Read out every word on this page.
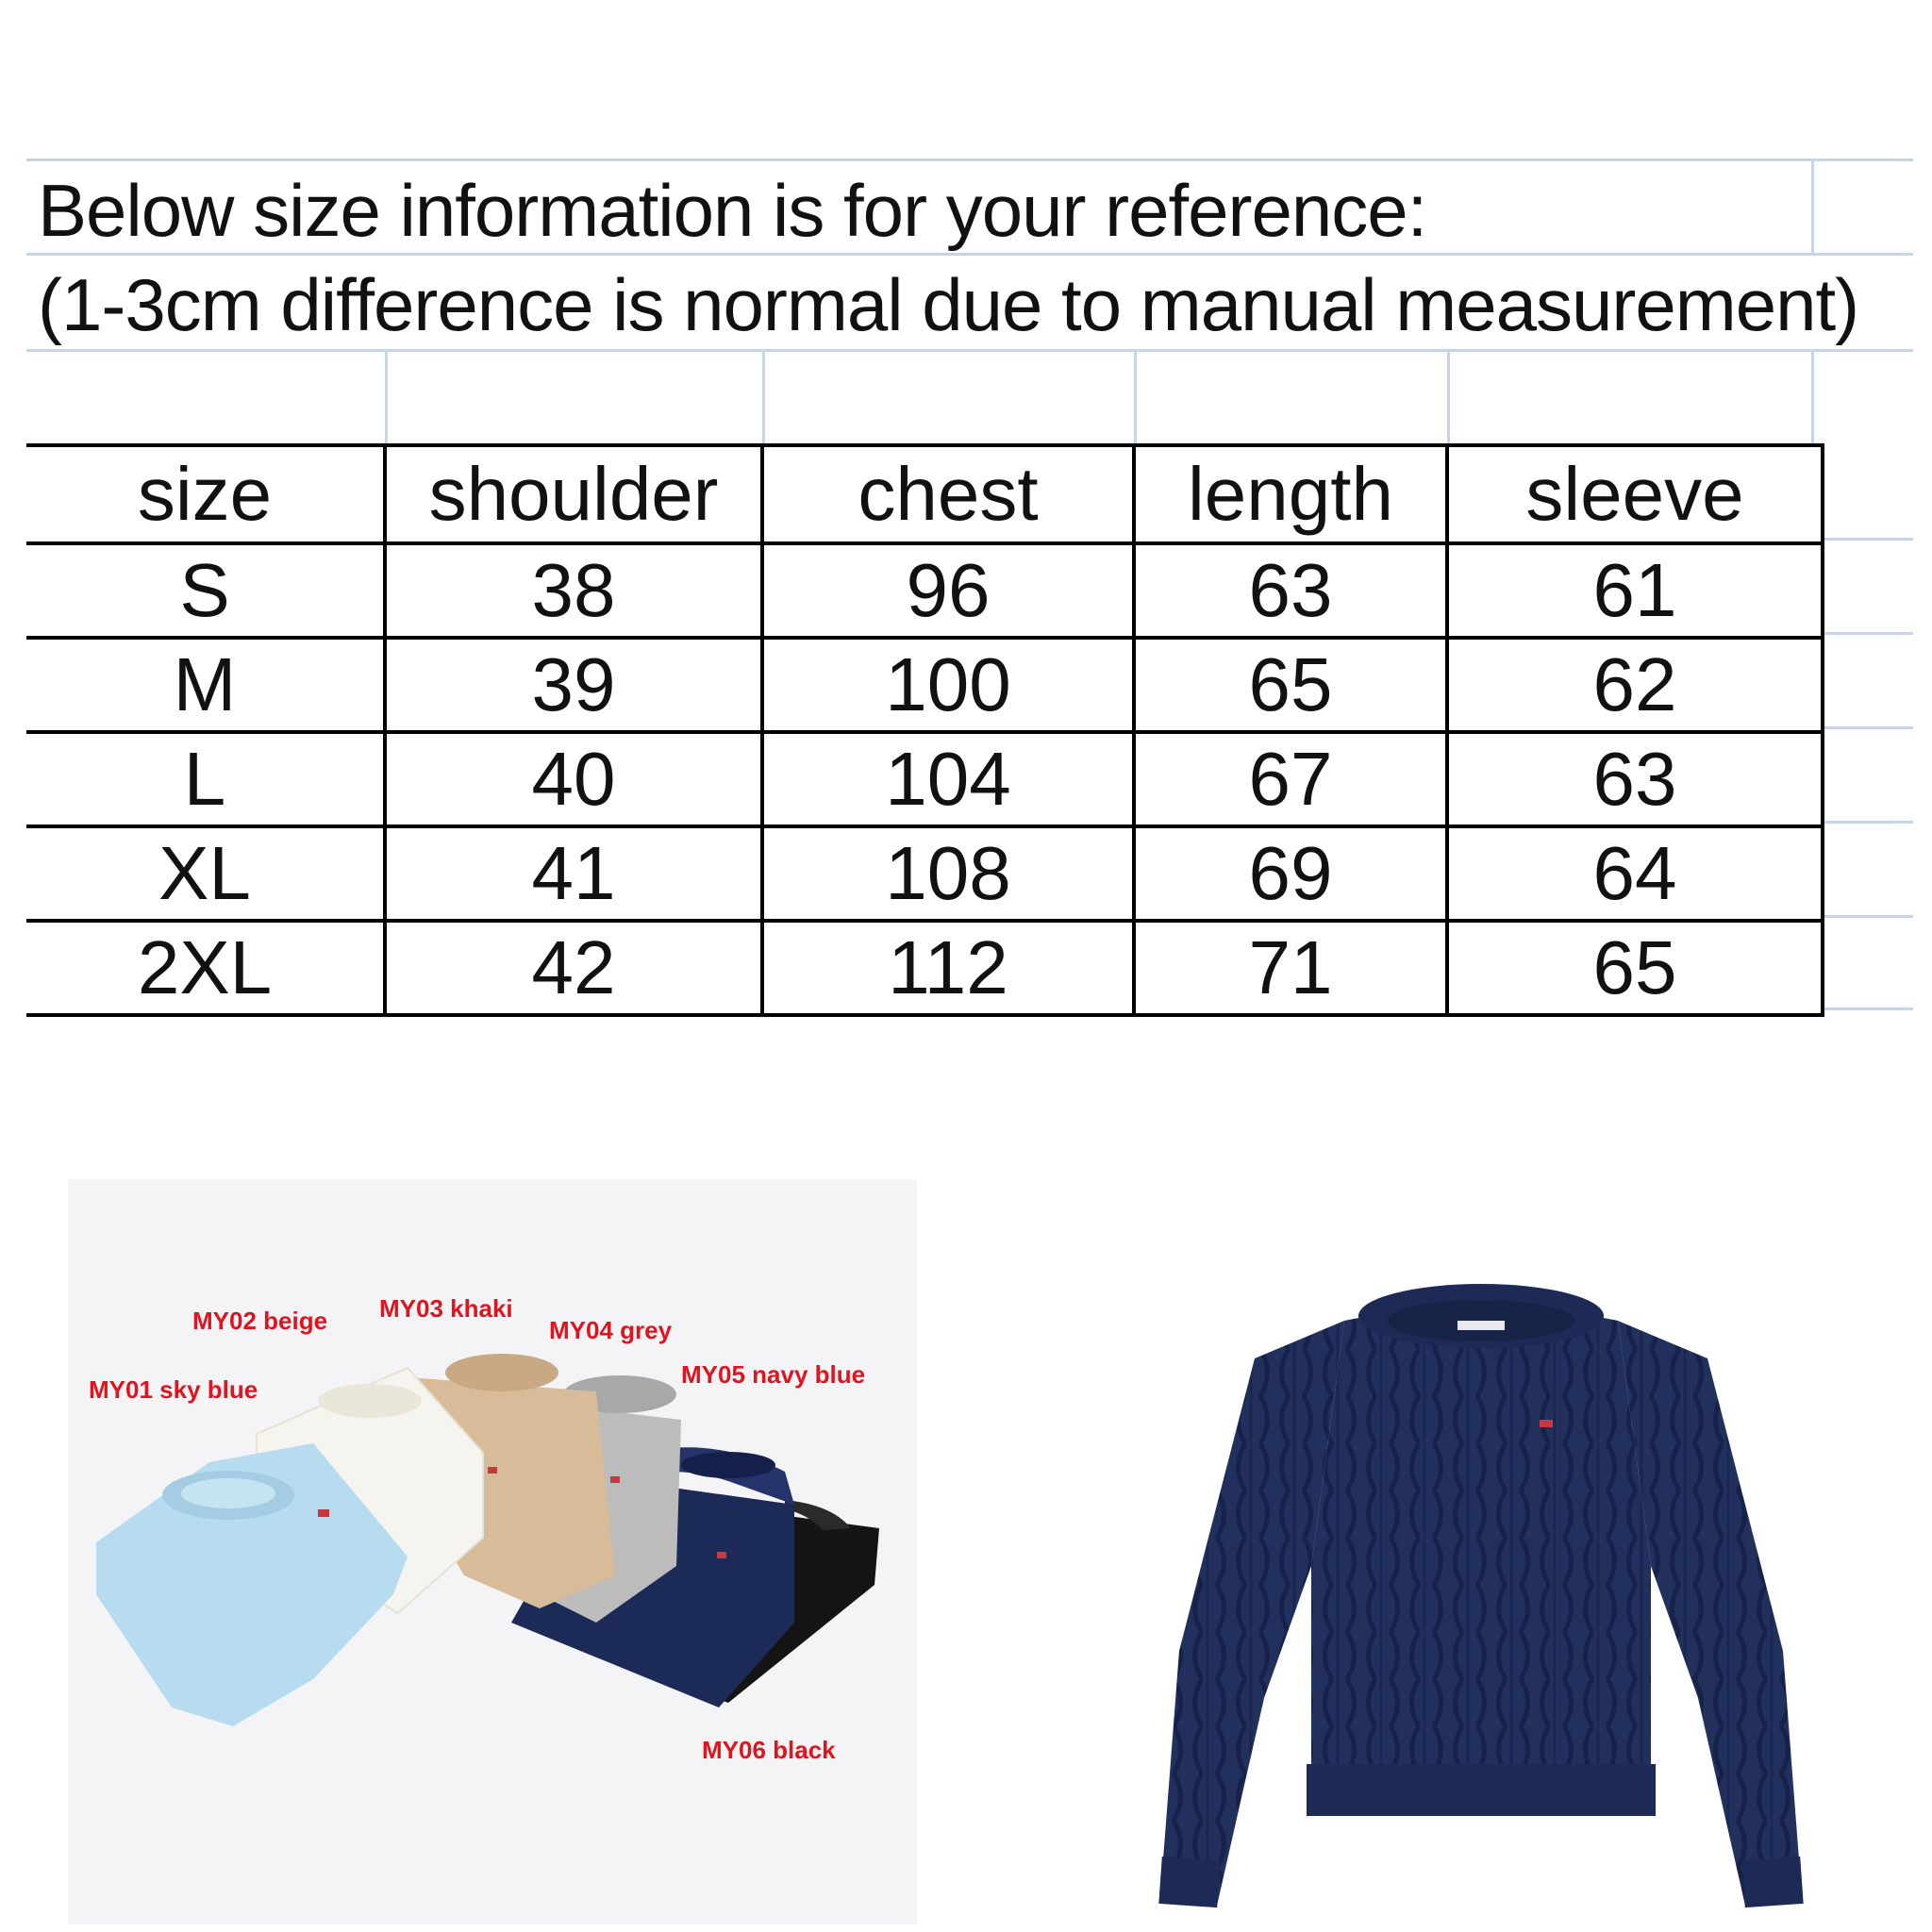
Below size information is for your reference:
(1-3cm difference is normal due to manual measurement)
size	shoulder	chest	length	sleeve
S	38	96	63	61
M	39	100	65	62
L	40	104	67	63
XL	41	108	69	64
2XL	42	112	71	65
MY01 sky blue
MY02 beige MY03 khaki
MY04 grey
MY05 navy blue
MY06 black
